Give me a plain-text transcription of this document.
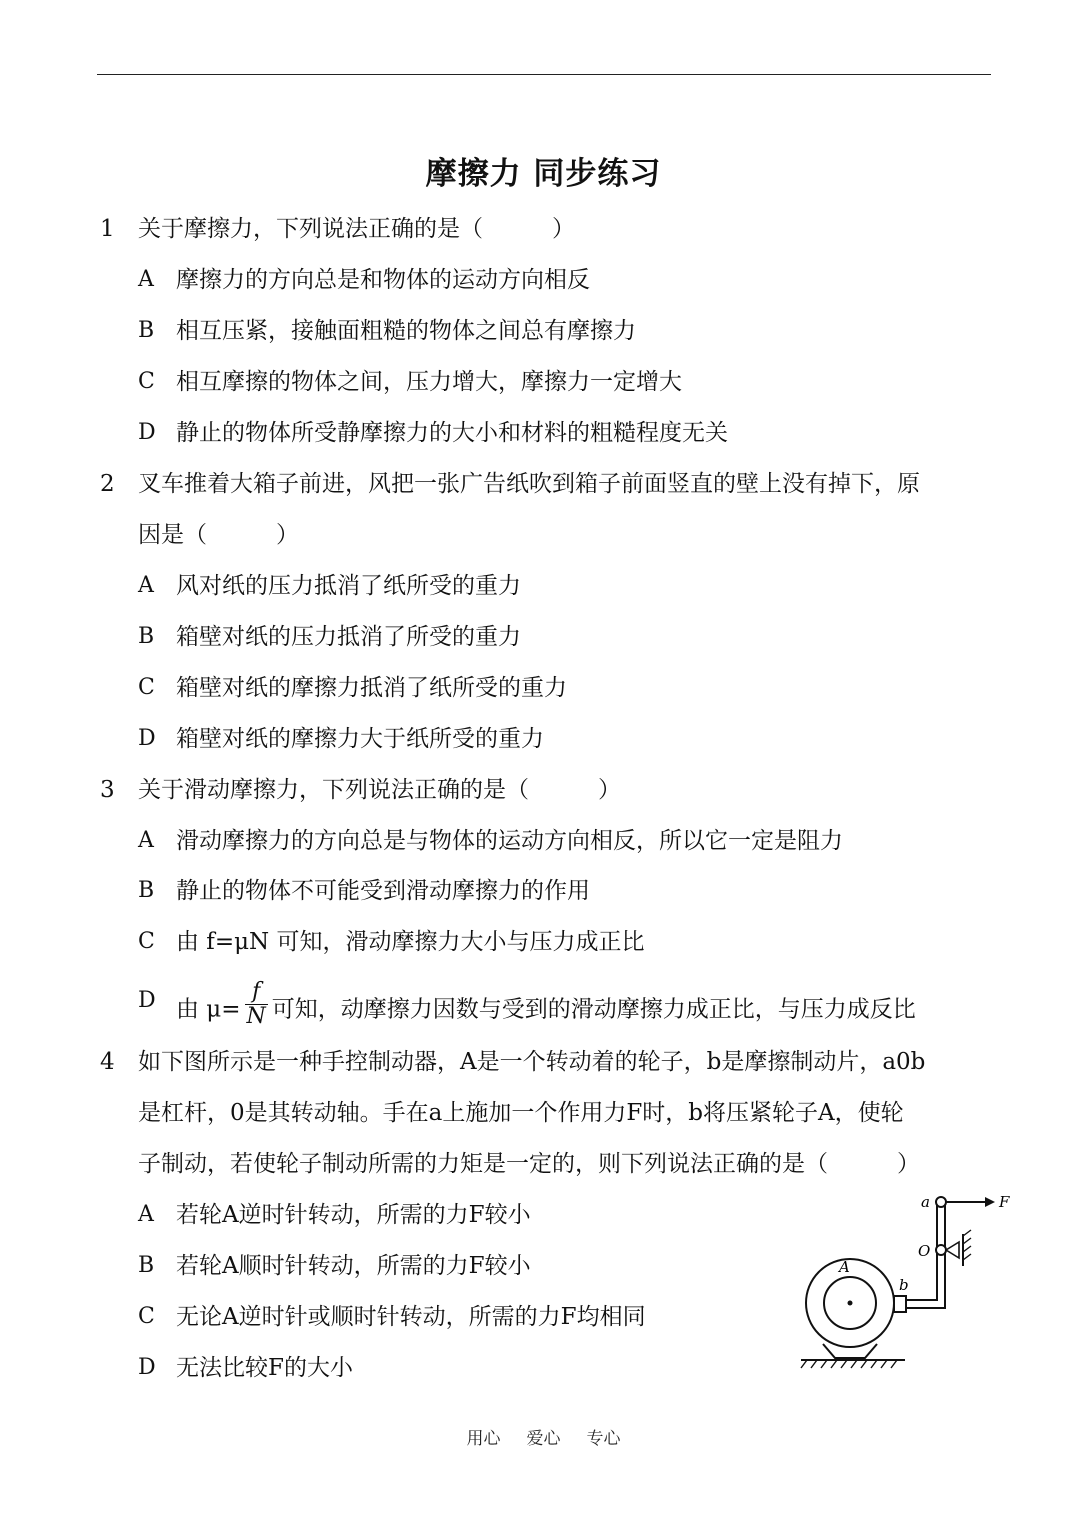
摩擦力 同步练习
1 关于摩擦力，下列说法正确的是（　　　）
A 摩擦力的方向总是和物体的运动方向相反
B 相互压紧，接触面粗糙的物体之间总有摩擦力
C 相互摩擦的物体之间，压力增大，摩擦力一定增大
D 静止的物体所受静摩擦力的大小和材料的粗糙程度无关
2 叉车推着大箱子前进，风把一张广告纸吹到箱子前面竖直的壁上没有掉下，原
因是（　　　）
A 风对纸的压力抵消了纸所受的重力
B 箱壁对纸的压力抵消了所受的重力
C 箱壁对纸的摩擦力抵消了纸所受的重力
D 箱壁对纸的摩擦力大于纸所受的重力
3 关于滑动摩擦力，下列说法正确的是（　　　）
A 滑动摩擦力的方向总是与物体的运动方向相反，所以它一定是阻力
B 静止的物体不可能受到滑动摩擦力的作用
C 由 f=μN 可知，滑动摩擦力大小与压力成正比
D 由 $\mu= \frac{f}{N}$ 可知，动摩擦力因数与受到的滑动摩擦力成正比，与压力成反比
4 如下图所示是一种手控制动器，A是一个转动着的轮子，b是摩擦制动片，a0b
是杠杆，0是其转动轴。手在a上施加一个作用力F时，b将压紧轮子A，使轮
子制动，若使轮子制动所需的力矩是一定的，则下列说法正确的是（　　　）
A 若轮A逆时针转动，所需的力F较小
B 若轮A顺时针转动，所需的力F较小
C 无论A逆时针或顺时针转动，所需的力F均相同
D 无法比较F的大小
a	F
O
A
b
用心 爱心 专心
